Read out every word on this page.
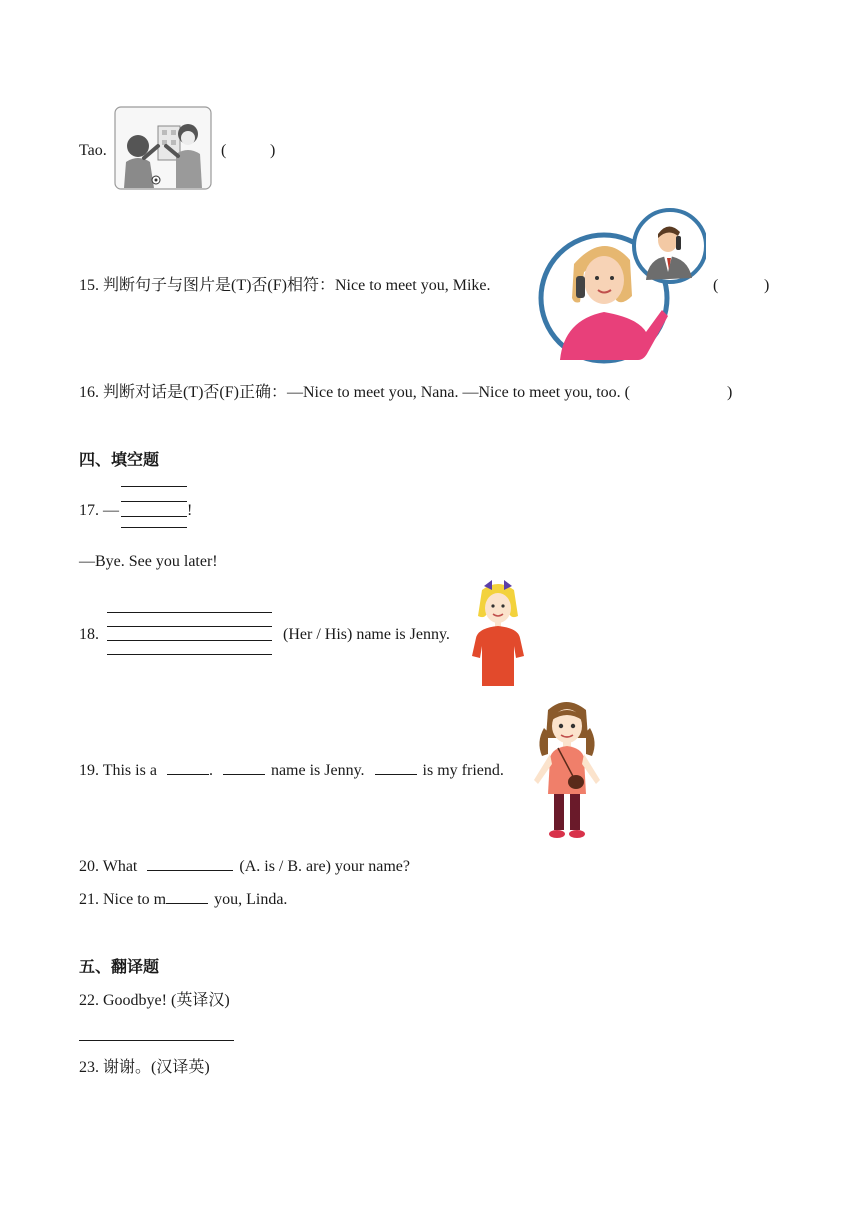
Tao.	(	)
15. 判断句子与图片是(T)否(F)相符：Nice to meet you, Mike.	(	)
16. 判断对话是(T)否(F)正确：—Nice to meet you, Nana. —Nice to meet you, too. (	)
四、填空题
17. —	!
—Bye. See you later!
18.	(Her / His) name is Jenny.
19. This is a	.	name is Jenny.	is my friend.
20. What	(A. is / B. are) your name?
21. Nice to m	you, Linda.
五、翻译题
22. Goodbye! (英译汉)
23. 谢谢。(汉译英)
